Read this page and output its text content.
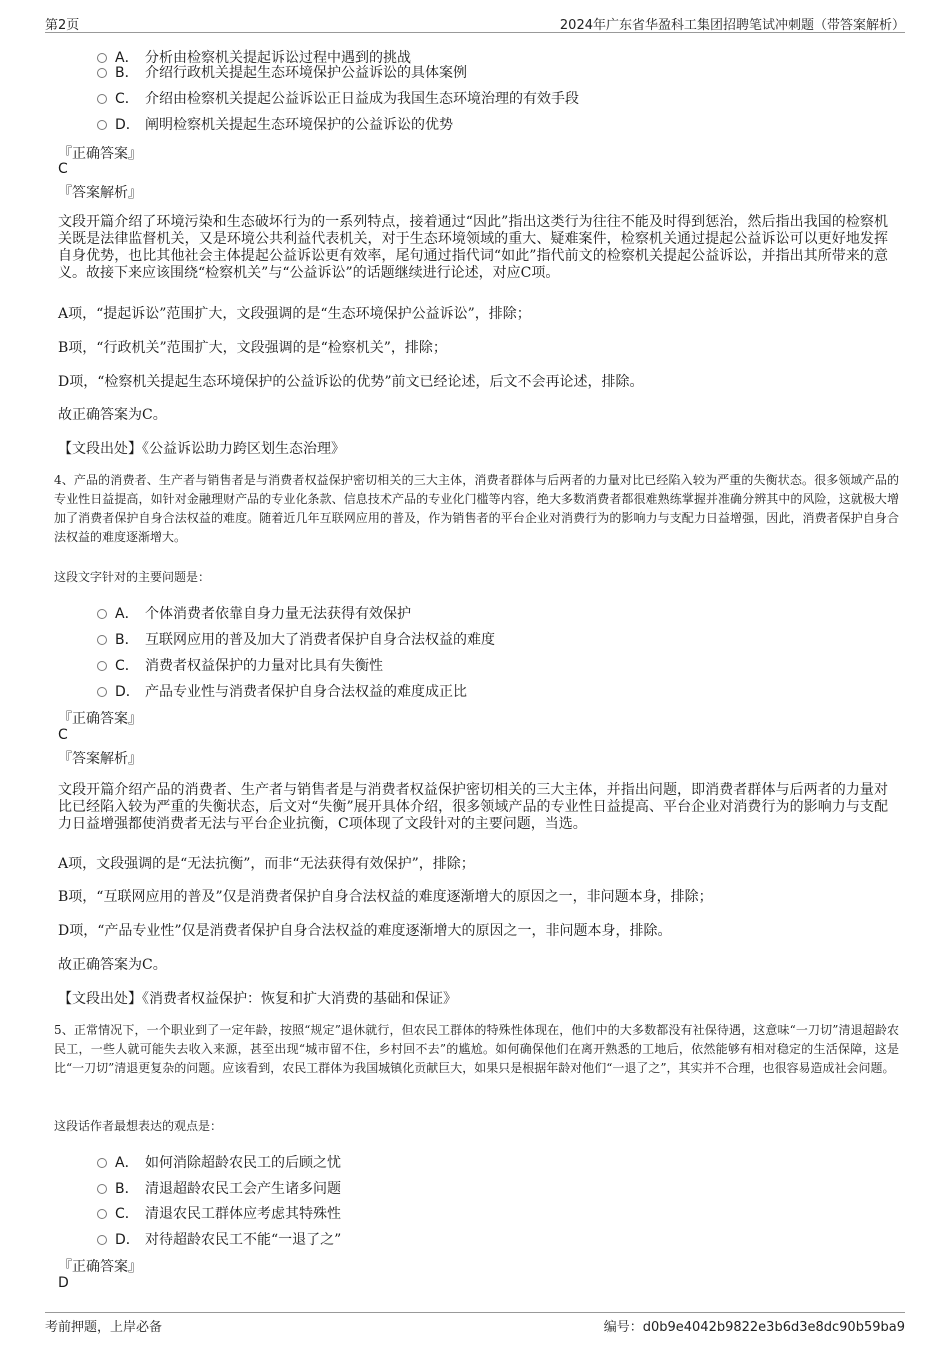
第2页	2024年广东省华盈科工集团招聘笔试冲刺题（带答案解析）
A． 分析由检察机关提起诉讼过程中遇到的挑战
B． 介绍行政机关提起生态环境保护公益诉讼的具体案例
C． 介绍由检察机关提起公益诉讼正日益成为我国生态环境治理的有效手段
D． 阐明检察机关提起生态环境保护的公益诉讼的优势
『正确答案』
C
『答案解析』
文段开篇介绍了环境污染和生态破坏行为的一系列特点，接着通过“因此”指出这类行为往往不能及时得到惩治，然后指出我国的检察机关既是法律监督机关，又是环境公共利益代表机关，对于生态环境领域的重大、疑难案件，检察机关通过提起公益诉讼可以更好地发挥自身优势，也比其他社会主体提起公益诉讼更有效率，尾句通过指代词“如此”指代前文的检察机关提起公益诉讼，并指出其所带来的意义。故接下来应该围绕“检察机关”与“公益诉讼”的话题继续进行论述，对应C项。
A项，“提起诉讼”范围扩大，文段强调的是“生态环境保护公益诉讼”，排除；
B项，“行政机关”范围扩大，文段强调的是“检察机关”，排除；
D项，“检察机关提起生态环境保护的公益诉讼的优势”前文已经论述，后文不会再论述，排除。
故正确答案为C。
【文段出处】《公益诉讼助力跨区划生态治理》
4、产品的消费者、生产者与销售者是与消费者权益保护密切相关的三大主体，消费者群体与后两者的力量对比已经陷入较为严重的失衡状态。很多领域产品的专业性日益提高，如针对金融理财产品的专业化条款、信息技术产品的专业化门槛等内容，绝大多数消费者都很难熟练掌握并准确分辨其中的风险，这就极大增加了消费者保护自身合法权益的难度。随着近几年互联网应用的普及，作为销售者的平台企业对消费行为的影响力与支配力日益增强，因此，消费者保护自身合法权益的难度逐渐增大。
这段文字针对的主要问题是：
A． 个体消费者依靠自身力量无法获得有效保护
B． 互联网应用的普及加大了消费者保护自身合法权益的难度
C． 消费者权益保护的力量对比具有失衡性
D． 产品专业性与消费者保护自身合法权益的难度成正比
『正确答案』
C
『答案解析』
文段开篇介绍产品的消费者、生产者与销售者是与消费者权益保护密切相关的三大主体，并指出问题，即消费者群体与后两者的力量对比已经陷入较为严重的失衡状态，后文对“失衡”展开具体介绍，很多领域产品的专业性日益提高、平台企业对消费行为的影响力与支配力日益增强都使消费者无法与平台企业抗衡，C项体现了文段针对的主要问题，当选。
A项，文段强调的是“无法抗衡”，而非“无法获得有效保护”，排除；
B项，“互联网应用的普及”仅是消费者保护自身合法权益的难度逐渐增大的原因之一，非问题本身，排除；
D项，“产品专业性”仅是消费者保护自身合法权益的难度逐渐增大的原因之一，非问题本身，排除。
故正确答案为C。
【文段出处】《消费者权益保护：恢复和扩大消费的基础和保证》
5、正常情况下，一个职业到了一定年龄，按照“规定”退休就行，但农民工群体的特殊性体现在，他们中的大多数都没有社保待遇，这意味“一刀切”清退超龄农民工，一些人就可能失去收入来源，甚至出现“城市留不住，乡村回不去”的尴尬。如何确保他们在离开熟悉的工地后，依然能够有相对稳定的生活保障，这是比“一刀切”清退更复杂的问题。应该看到，农民工群体为我国城镇化贡献巨大，如果只是根据年龄对他们“一退了之”，其实并不合理，也很容易造成社会问题。
这段话作者最想表达的观点是：
A． 如何消除超龄农民工的后顾之忧
B． 清退超龄农民工会产生诸多问题
C． 清退农民工群体应考虑其特殊性
D． 对待超龄农民工不能“一退了之”
『正确答案』
D
考前押题，上岸必备	编号：d0b9e4042b9822e3b6d3e8dc90b59ba9
